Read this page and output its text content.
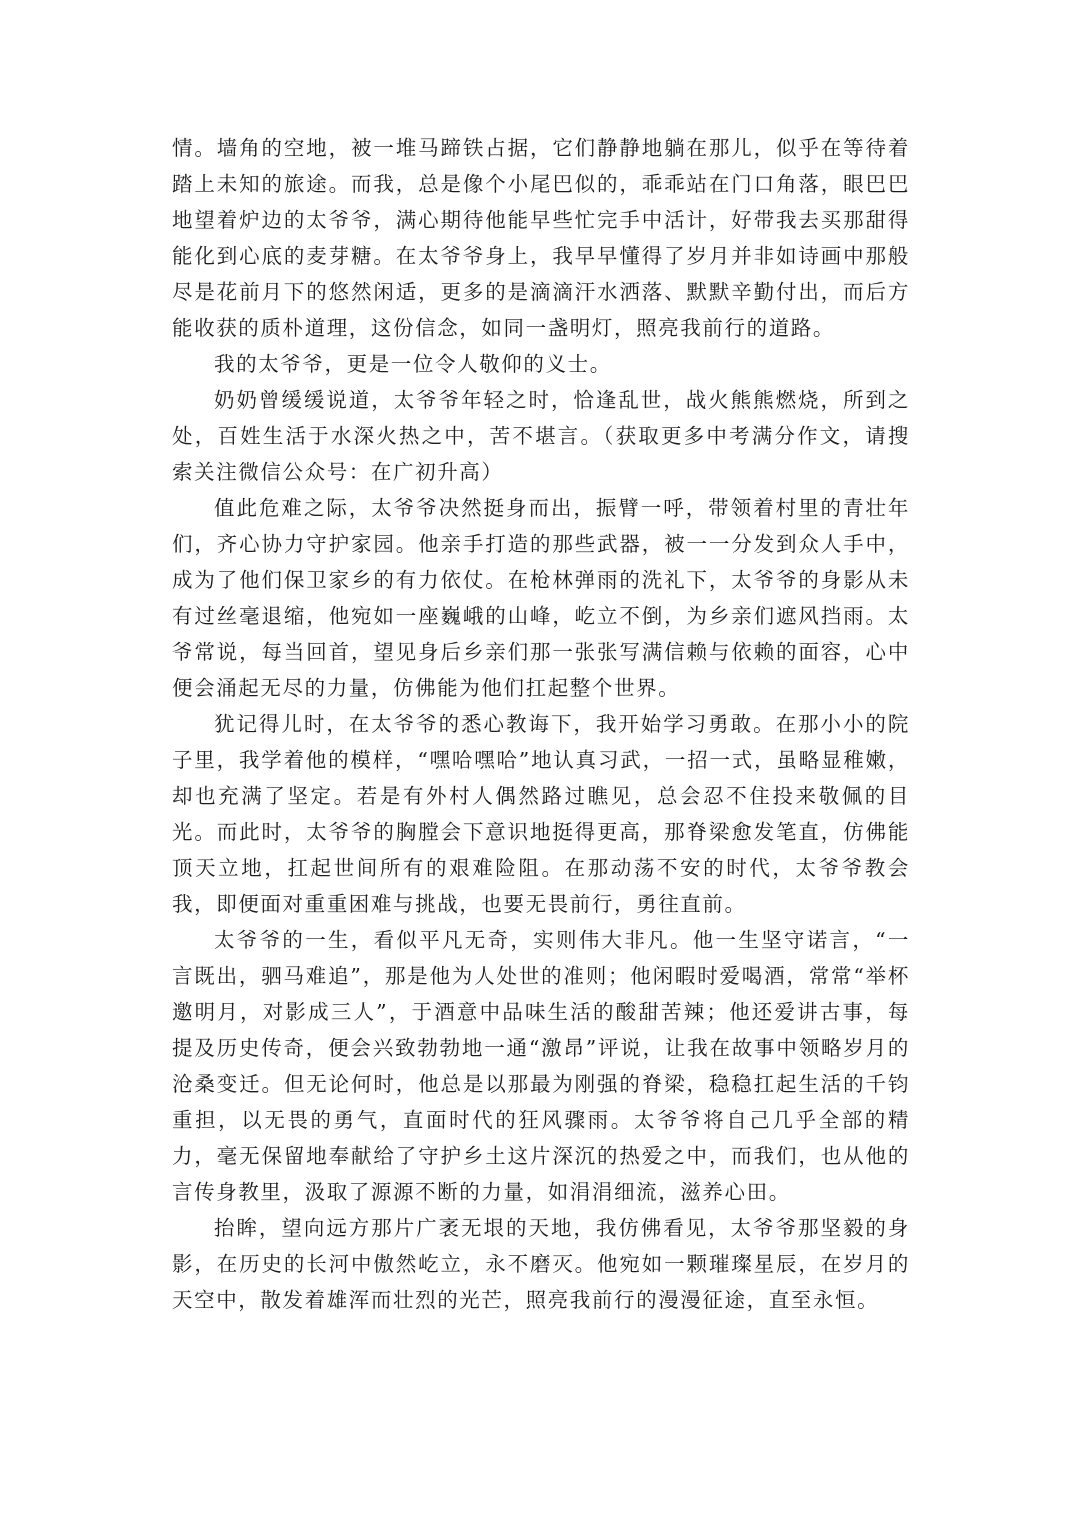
情。墙角的空地，被一堆马蹄铁占据，它们静静地躺在那儿，似乎在等待着踏上未知的旅途。而我，总是像个小尾巴似的，乖乖站在门口角落，眼巴巴地望着炉边的太爷爷，满心期待他能早些忙完手中活计，好带我去买那甜得能化到心底的麦芽糖。在太爷爷身上，我早早懂得了岁月并非如诗画中那般尽是花前月下的悠然闲适，更多的是滴滴汗水洒落、默默辛勤付出，而后方能收获的质朴道理，这份信念，如同一盏明灯，照亮我前行的道路。

我的太爷爷，更是一位令人敬仰的义士。

奶奶曾缓缓说道，太爷爷年轻之时，恰逢乱世，战火熊熊燃烧，所到之处，百姓生活于水深火热之中，苦不堪言。（获取更多中考满分作文，请搜索关注微信公众号：在广初升高）

值此危难之际，太爷爷决然挺身而出，振臂一呼，带领着村里的青壮年们，齐心协力守护家园。他亲手打造的那些武器，被一一分发到众人手中，成为了他们保卫家乡的有力依仗。在枪林弹雨的洗礼下，太爷爷的身影从未有过丝毫退缩，他宛如一座巍峨的山峰，屹立不倒，为乡亲们遮风挡雨。太爷常说，每当回首，望见身后乡亲们那一张张写满信赖与依赖的面容，心中便会涌起无尽的力量，仿佛能为他们扛起整个世界。

犹记得儿时，在太爷爷的悉心教诲下，我开始学习勇敢。在那小小的院子里，我学着他的模样，“嘿哈嘿哈”地认真习武，一招一式，虽略显稚嫩，却也充满了坚定。若是有外村人偶然路过瞧见，总会忍不住投来敬佩的目光。而此时，太爷爷的胸膛会下意识地挺得更高，那脊梁愈发笔直，仿佛能顶天立地，扛起世间所有的艰难险阻。在那动荡不安的时代，太爷爷教会我，即便面对重重困难与挑战，也要无畏前行，勇往直前。

太爷爷的一生，看似平凡无奇，实则伟大非凡。他一生坚守诺言，“一言既出，驷马难追”，那是他为人处世的准则；他闲暇时爱喝酒，常常“举杯邀明月，对影成三人”，于酒意中品味生活的酸甜苦辣；他还爱讲古事，每提及历史传奇，便会兴致勃勃地一通“激昂”评说，让我在故事中领略岁月的沧桑变迁。但无论何时，他总是以那最为刚强的脊梁，稳稳扛起生活的千钧重担，以无畏的勇气，直面时代的狂风骤雨。太爷爷将自己几乎全部的精力，毫无保留地奉献给了守护乡土这片深沉的热爱之中，而我们，也从他的言传身教里，汲取了源源不断的力量，如涓涓细流，滋养心田。

抬眸，望向远方那片广袤无垠的天地，我仿佛看见，太爷爷那坚毅的身影，在历史的长河中傲然屹立，永不磨灭。他宛如一颗璀璨星辰，在岁月的天空中，散发着雄浑而壮烈的光芒，照亮我前行的漫漫征途，直至永恒。
